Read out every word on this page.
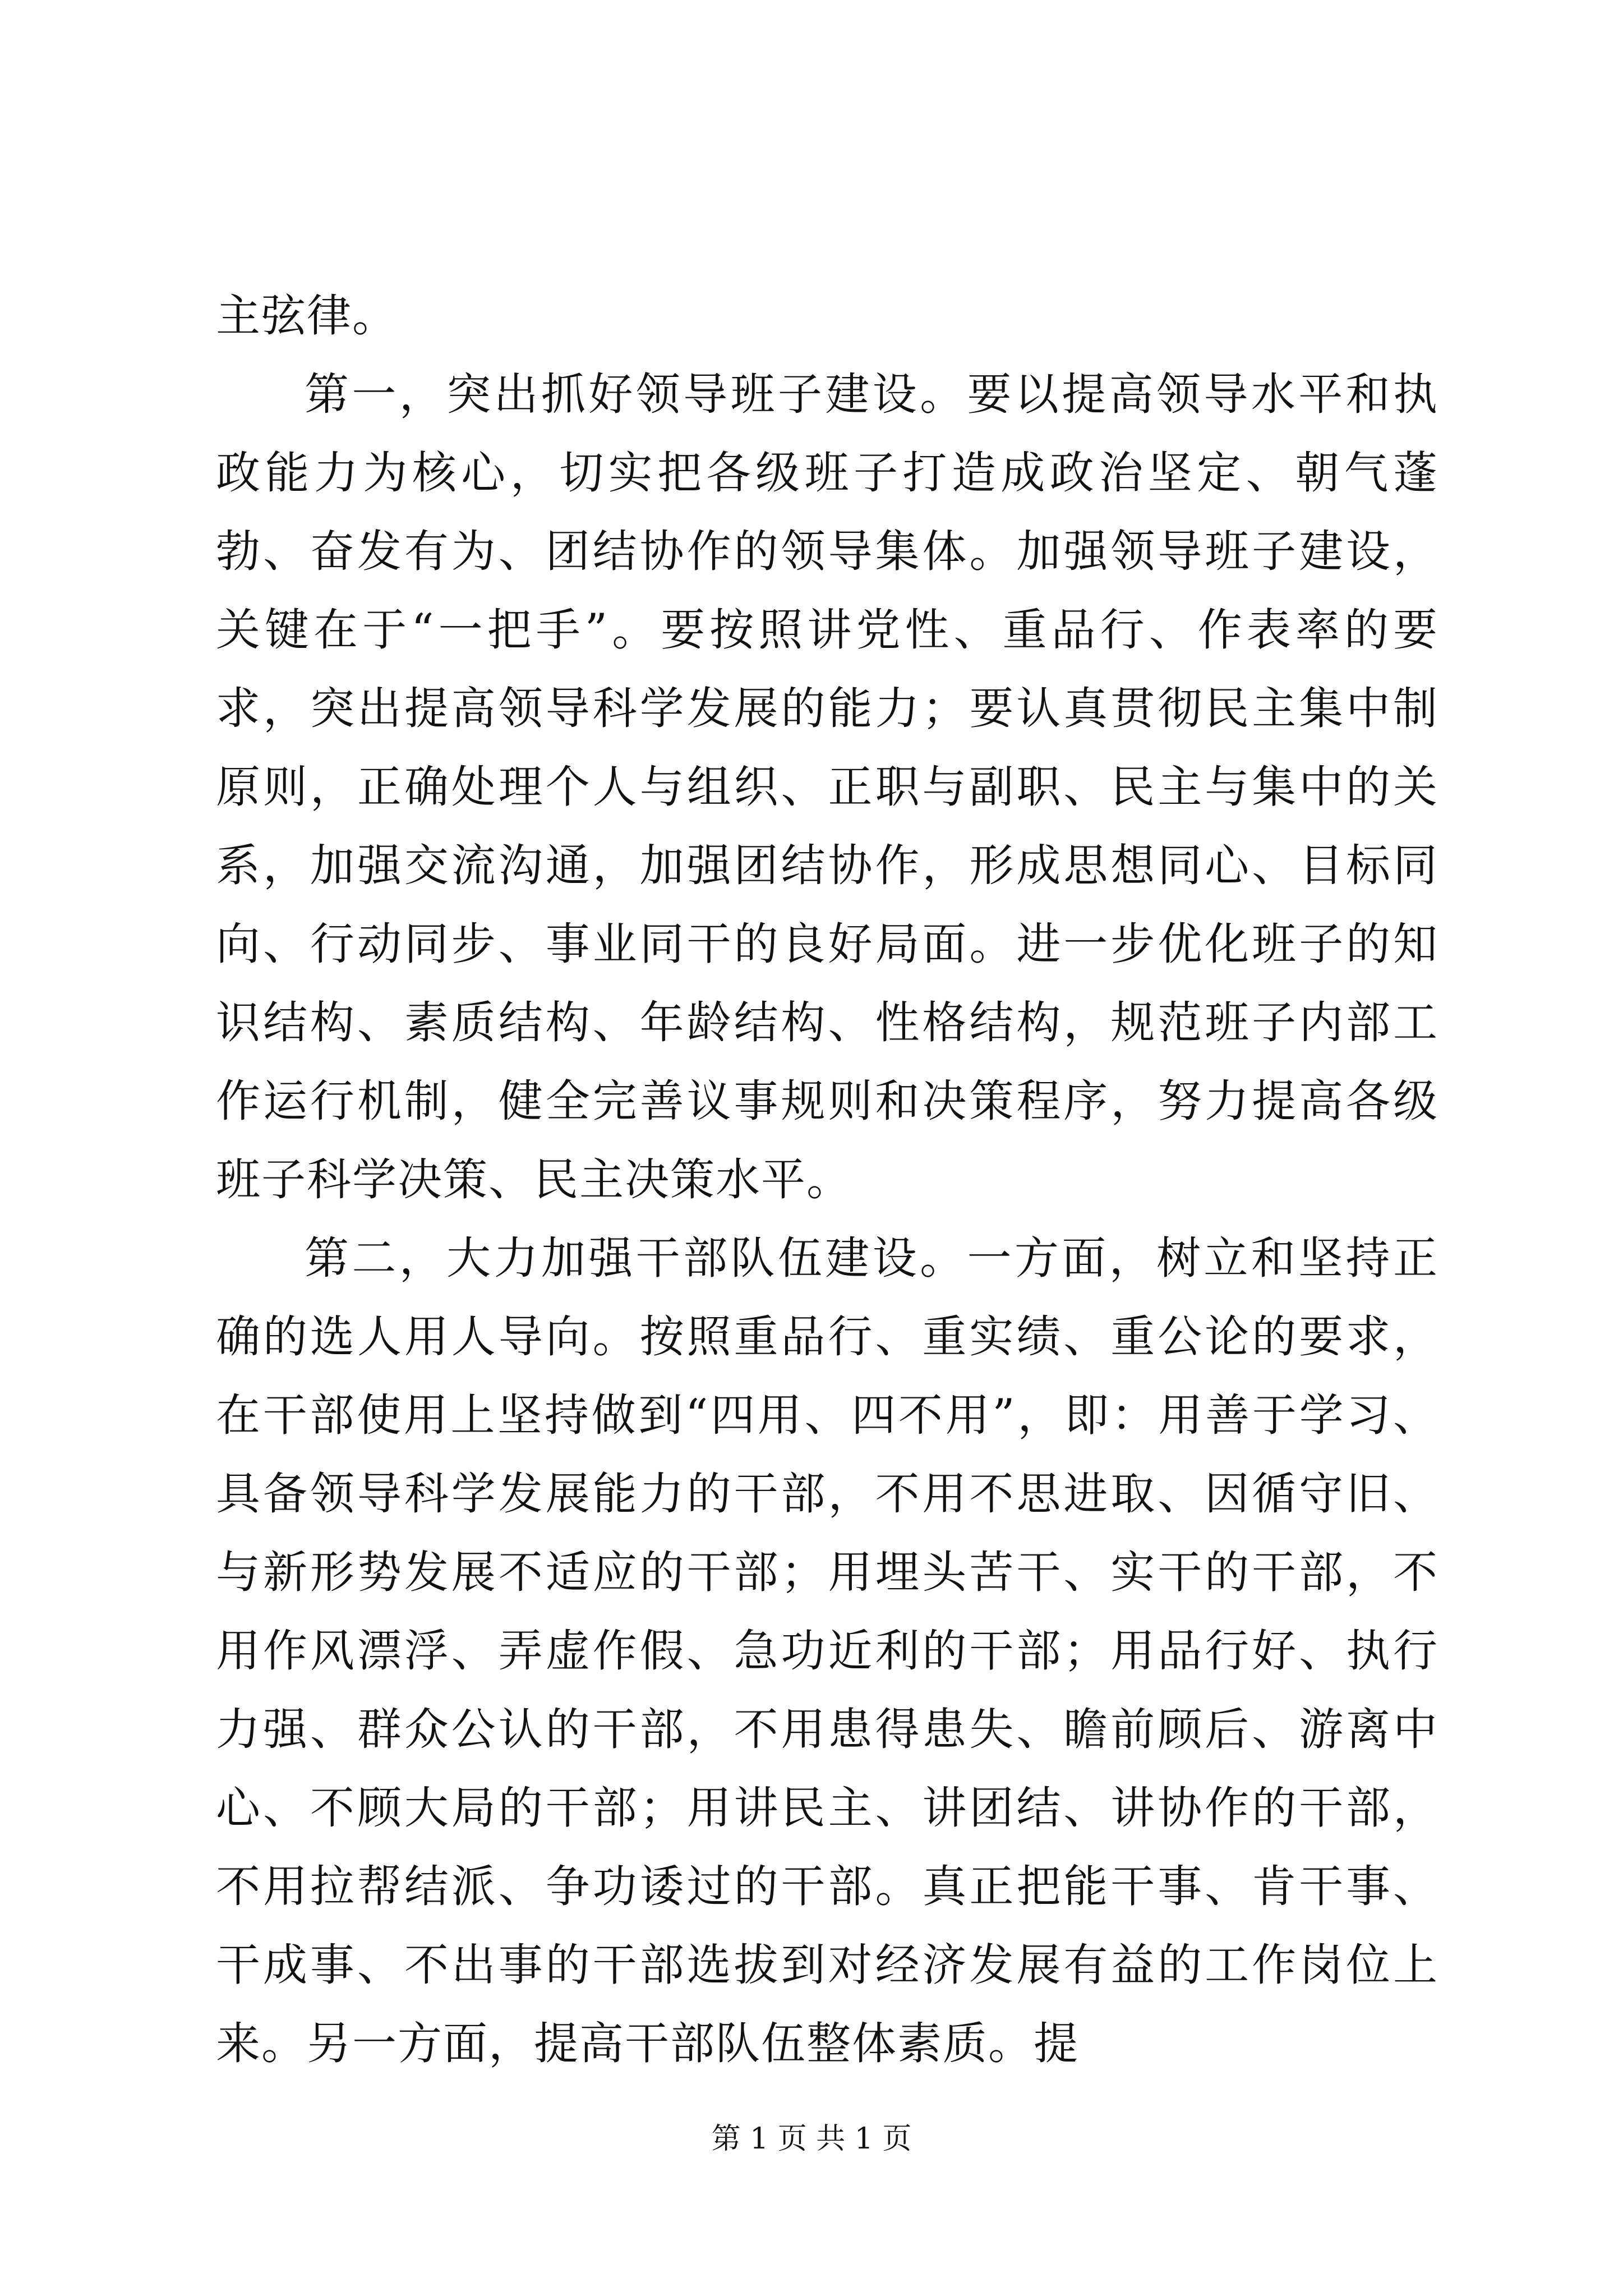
主弦律。

第一，突出抓好领导班子建设。要以提高领导水平和执政能力为核心，切实把各级班子打造成政治坚定、朝气蓬勃、奋发有为、团结协作的领导集体。加强领导班子建设，关键在于“一把手”。要按照讲党性、重品行、作表率的要求，突出提高领导科学发展的能力；要认真贯彻民主集中制原则，正确处理个人与组织、正职与副职、民主与集中的关系，加强交流沟通，加强团结协作，形成思想同心、目标同向、行动同步、事业同干的良好局面。进一步优化班子的知识结构、素质结构、年龄结构、性格结构，规范班子内部工作运行机制，健全完善议事规则和决策程序，努力提高各级班子科学决策、民主决策水平。

第二，大力加强干部队伍建设。一方面，树立和坚持正确的选人用人导向。按照重品行、重实绩、重公论的要求，在干部使用上坚持做到“四用、四不用”，即：用善于学习、具备领导科学发展能力的干部，不用不思进取、因循守旧、与新形势发展不适应的干部；用埋头苦干、实干的干部，不用作风漂浮、弄虚作假、急功近利的干部；用品行好、执行力强、群众公认的干部，不用患得患失、瞻前顾后、游离中心、不顾大局的干部；用讲民主、讲团结、讲协作的干部，不用拉帮结派、争功诿过的干部。真正把能干事、肯干事、干成事、不出事的干部选拔到对经济发展有益的工作岗位上来。另一方面，提高干部队伍整体素质。提

第 1 页 共 1 页
